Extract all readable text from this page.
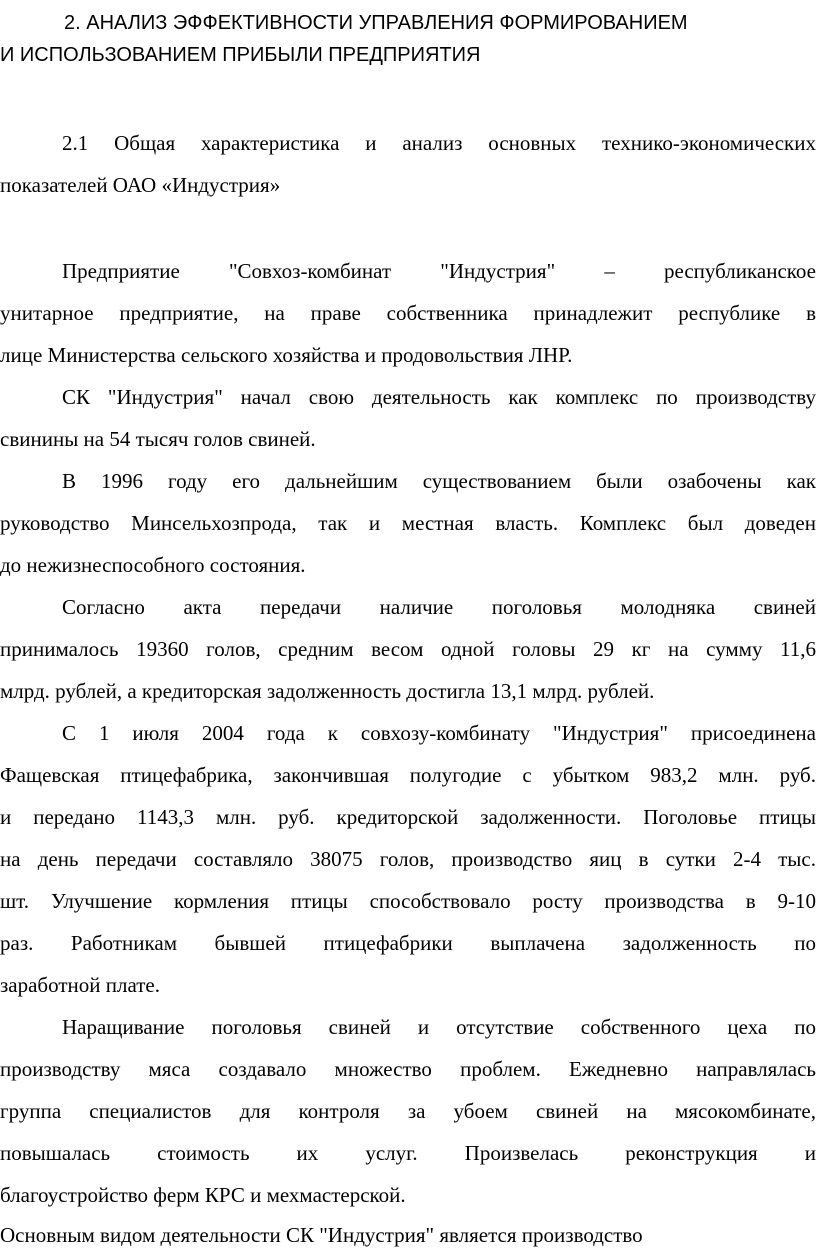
2. АНАЛИЗ ЭФФЕКТИВНОСТИ УПРАВЛЕНИЯ ФОРМИРОВАНИЕМ
И ИСПОЛЬЗОВАНИЕМ ПРИБЫЛИ ПРЕДПРИЯТИЯ
2.1 Общая характеристика и анализ основных технико-экономических
показателей ОАО «Индустрия»
Предприятие "Совхоз-комбинат "Индустрия" – республиканское
унитарное предприятие, на праве собственника принадлежит республике в
лице Министерства сельского хозяйства и продовольствия ЛНР.
СК "Индустрия" начал свою деятельность как комплекс по производству
свинины на 54 тысяч голов свиней.
В 1996 году его дальнейшим существованием были озабочены как
руководство Минсельхозпрода, так и местная власть. Комплекс был доведен
до нежизнеспособного состояния.
Согласно акта передачи наличие поголовья молодняка свиней
принималось 19360 голов, средним весом одной головы 29 кг на сумму 11,6
млрд. рублей, а кредиторская задолженность достигла 13,1 млрд. рублей.
С 1 июля 2004 года к совхозу-комбинату "Индустрия" присоединена
Фащевская птицефабрика, закончившая полугодие с убытком 983,2 млн. руб.
и передано 1143,3 млн. руб. кредиторской задолженности. Поголовье птицы
на день передачи составляло 38075 голов, производство яиц в сутки 2-4 тыс.
шт. Улучшение кормления птицы способствовало росту производства в 9-10
раз. Работникам бывшей птицефабрики выплачена задолженность по
заработной плате.
Наращивание поголовья свиней и отсутствие собственного цеха по
производству мяса создавало множество проблем. Ежедневно направлялась
группа специалистов для контроля за убоем свиней на мясокомбинате,
повышалась стоимость их услуг. Произвелась реконструкция и
благоустройство ферм КРС и мехмастерской.
Основным видом деятельности СК "Индустрия" является производство
